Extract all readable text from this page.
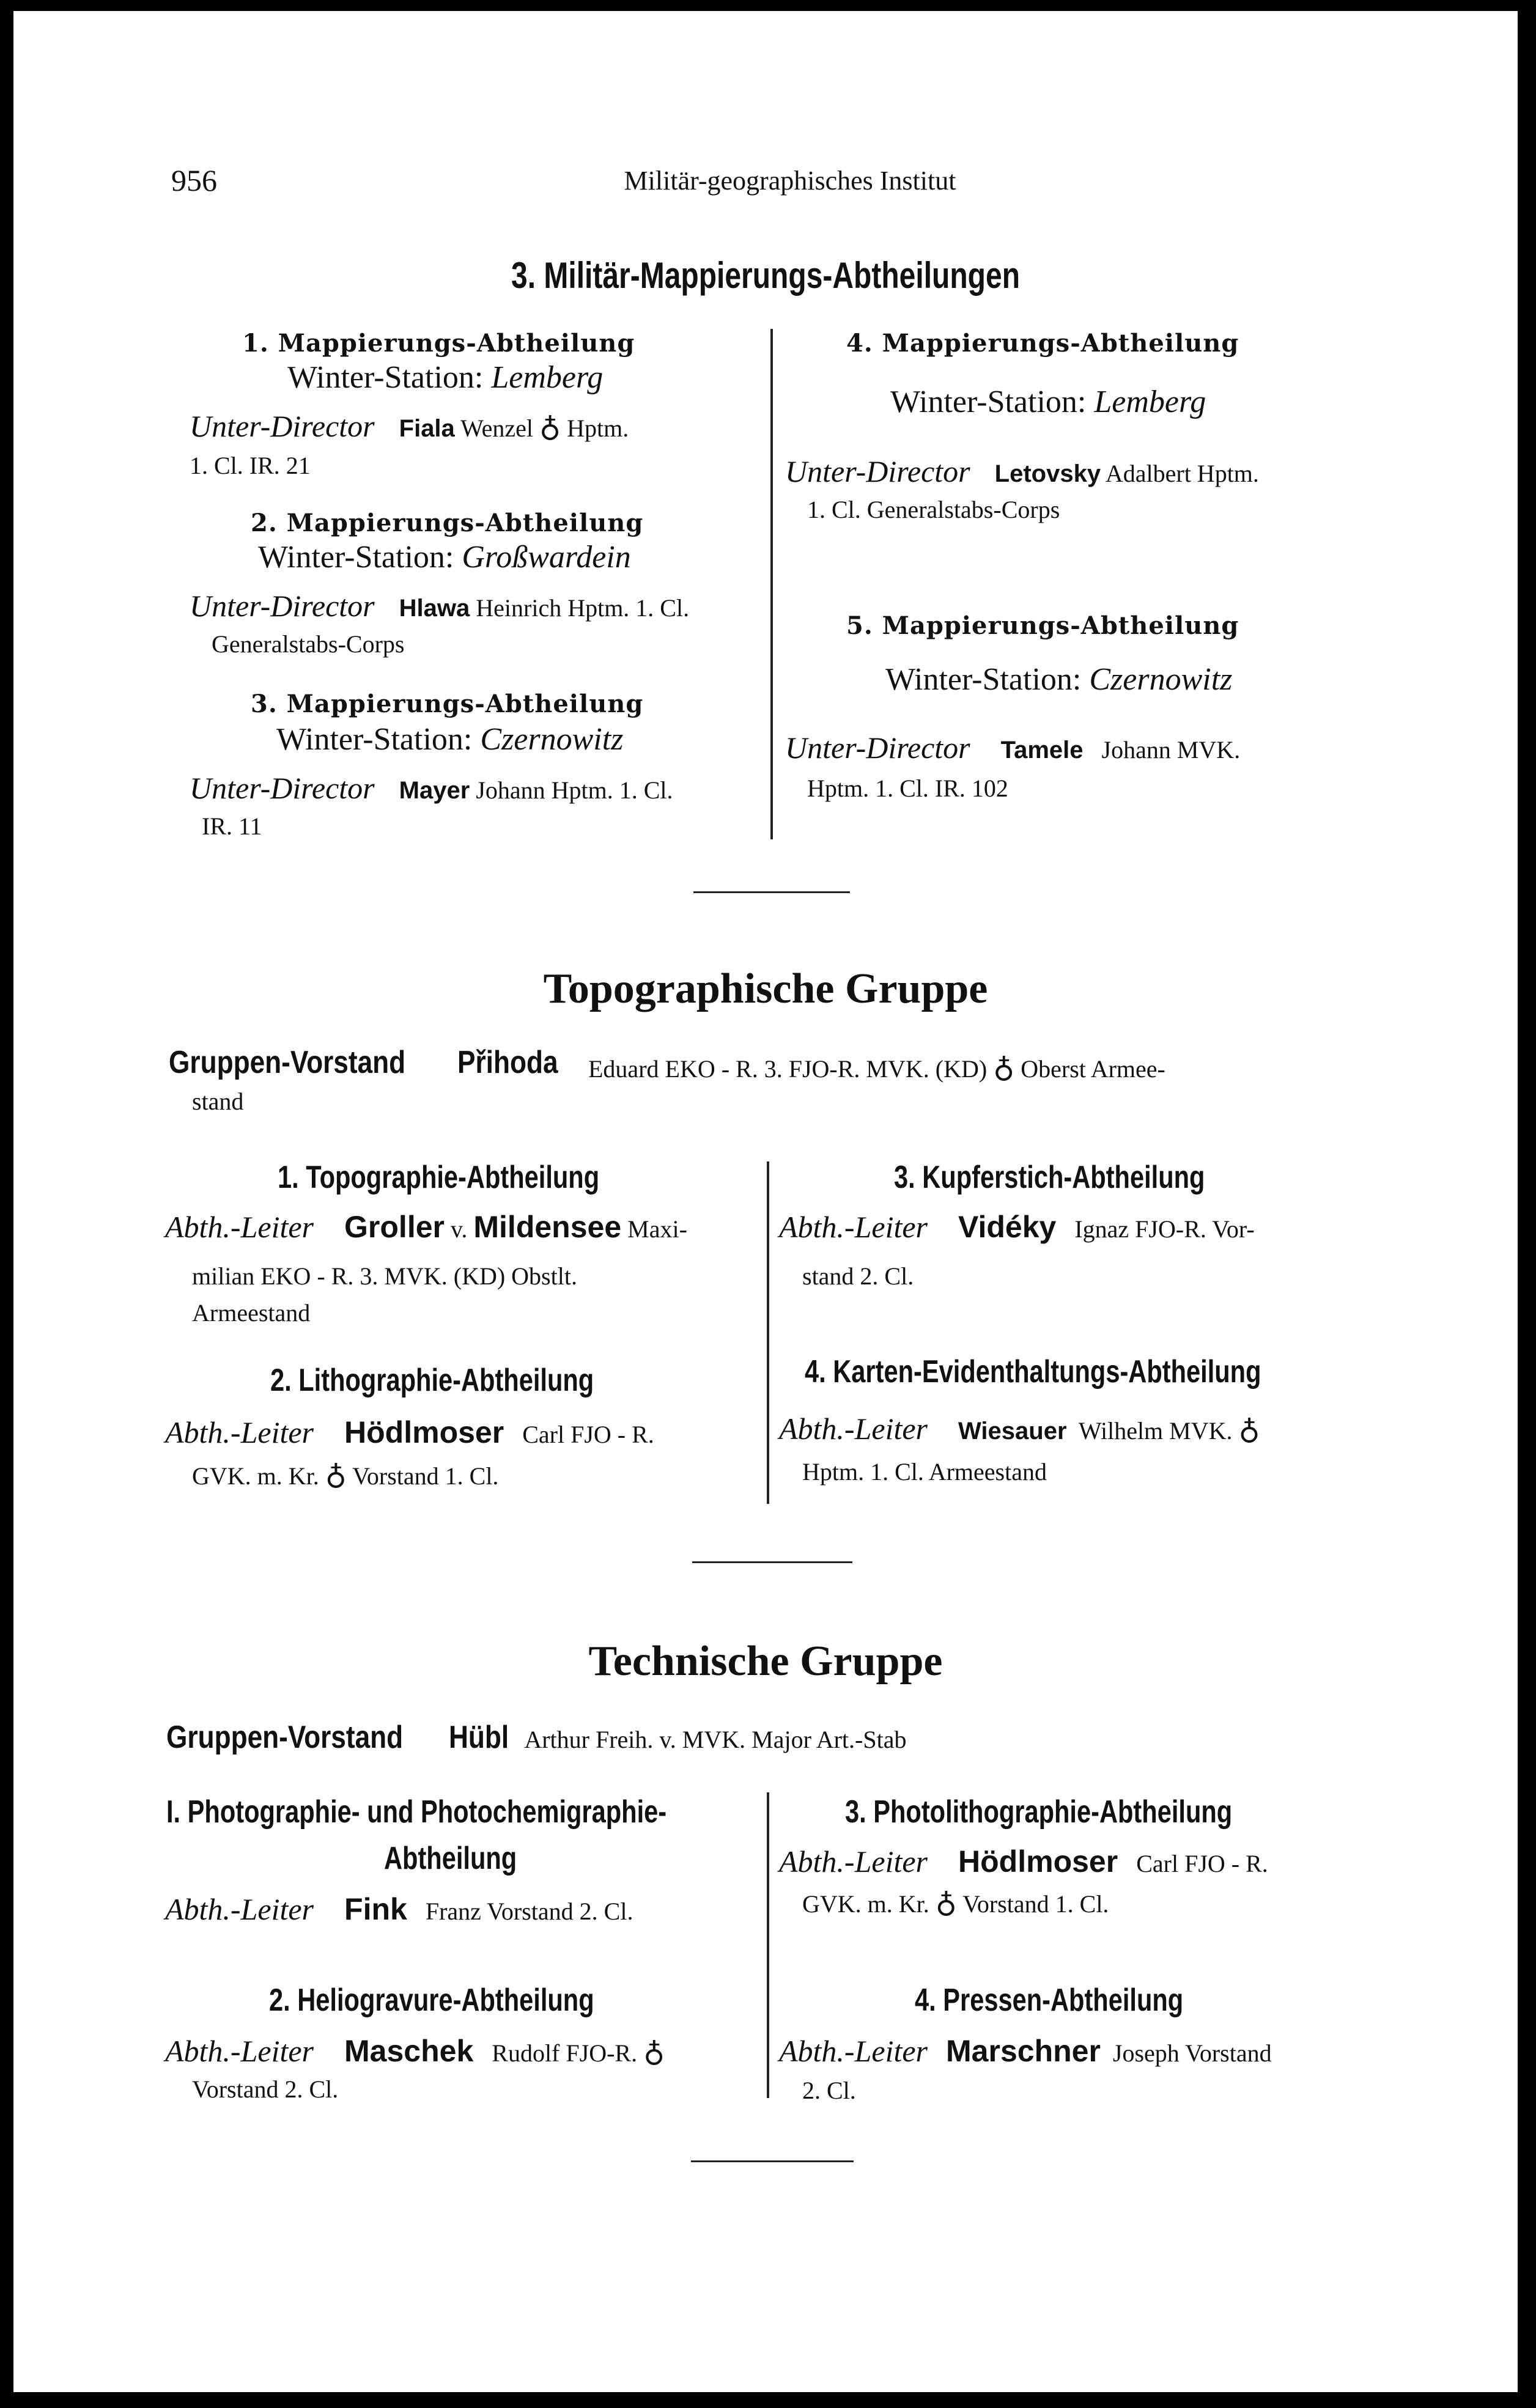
956	Militär-geographisches Institut
3. Militär-Mappierungs-Abtheilungen
1. Mappierungs-Abtheilung
Winter-Station: Lemberg
Unter-Director Fiala Wenzel ♁ Hptm.
1. Cl. IR. 21
2. Mappierungs-Abtheilung
Winter-Station: Großwardein
Unter-Director Hlawa Heinrich Hptm. 1. Cl.
Generalstabs-Corps
3. Mappierungs-Abtheilung
Winter-Station: Czernowitz
Unter-Director Mayer Johann Hptm. 1. Cl.
IR. 11
4. Mappierungs-Abtheilung
Winter-Station: Lemberg
Unter-Director Letovsky Adalbert Hptm.
1. Cl. Generalstabs-Corps
5. Mappierungs-Abtheilung
Winter-Station: Czernowitz
Unter-Director Tamele Johann MVK.
Hptm. 1. Cl. IR. 102
Topographische Gruppe
Gruppen-Vorstand	Přihoda	Eduard EKO - R. 3. FJO-R. MVK. (KD) ♁ Oberst Armee-
stand
1. Topographie-Abtheilung
Abth.-Leiter Groller v. Mildensee Maxi-
milian EKO - R. 3. MVK. (KD) Obstlt.
Armeestand
2. Lithographie-Abtheilung
Abth.-Leiter Hödlmoser Carl FJO - R.
GVK. m. Kr. ♁ Vorstand 1. Cl.
3. Kupferstich-Abtheilung
Abth.-Leiter Vidéky Ignaz FJO-R. Vor-
stand 2. Cl.
4. Karten-Evidenthaltungs-Abtheilung
Abth.-Leiter Wiesauer Wilhelm MVK. ♁
Hptm. 1. Cl. Armeestand
Technische Gruppe
Gruppen-Vorstand	Hübl Arthur Freih. v. MVK. Major Art.-Stab
I. Photographie- und Photochemigraphie-
Abtheilung
Abth.-Leiter Fink Franz Vorstand 2. Cl.
2. Heliogravure-Abtheilung
Abth.-Leiter Maschek Rudolf FJO-R. ♁
Vorstand 2. Cl.
3. Photolithographie-Abtheilung
Abth.-Leiter Hödlmoser Carl FJO - R.
GVK. m. Kr. ♁ Vorstand 1. Cl.
4. Pressen-Abtheilung
Abth.-Leiter Marschner Joseph Vorstand
2. Cl.
